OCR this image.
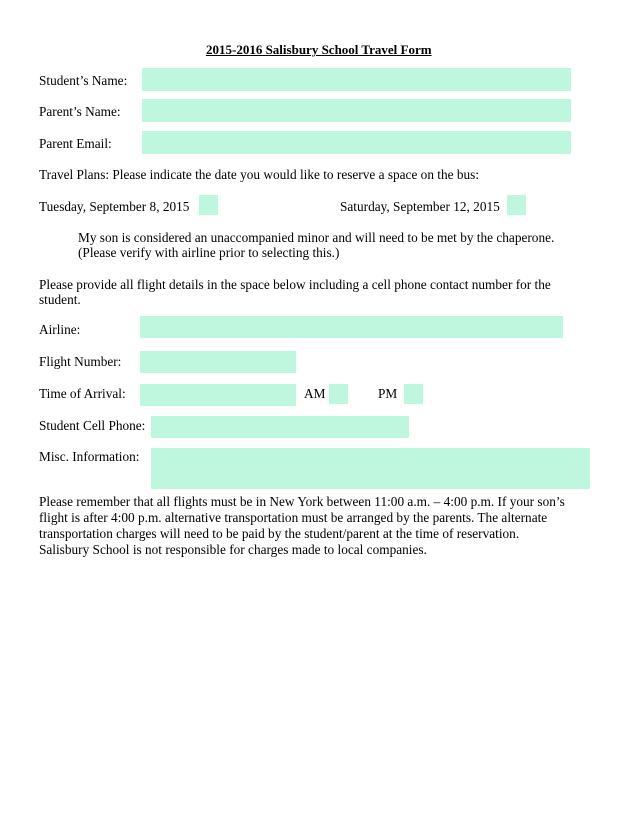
2015-2016 Salisbury School Travel Form
Student’s Name:
Parent’s Name:
Parent Email:
Travel Plans: Please indicate the date you would like to reserve a space on the bus:
Tuesday, September 8, 2015	Saturday, September 12, 2015
My son is considered an unaccompanied minor and will need to be met by the chaperone.
(Please verify with airline prior to selecting this.)
Please provide all flight details in the space below including a cell phone contact number for the
student.
Airline:
Flight Number:
Time of Arrival:	AM	PM
Student Cell Phone:
Misc. Information:
Please remember that all flights must be in New York between 11:00 a.m. – 4:00 p.m. If your son’s
flight is after 4:00 p.m. alternative transportation must be arranged by the parents. The alternate
transportation charges will need to be paid by the student/parent at the time of reservation.
Salisbury School is not responsible for charges made to local companies.
